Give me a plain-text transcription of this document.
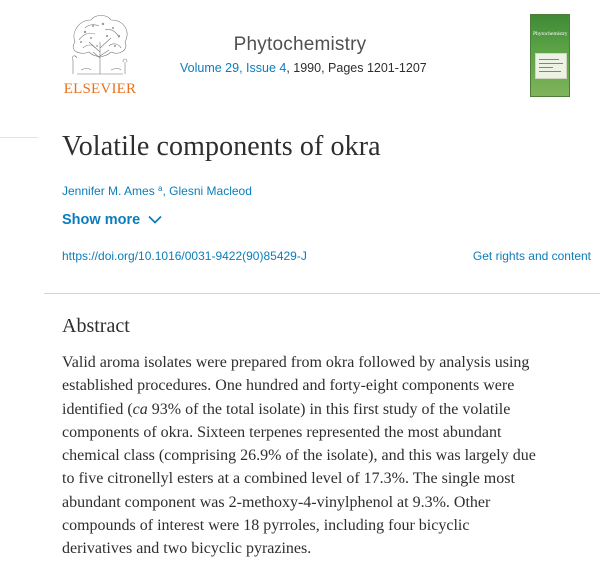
ELSEVIER
Phytochemistry
Volume 29, Issue 4, 1990, Pages 1201-1207
Phytochemistry
Volatile components of okra
Jennifer M. Ames $^a$, Glesni Macleod
Show more
https://doi.org/10.1016/0031-9422(90)85429-J	Get rights and content
Abstract

Valid aroma isolates were prepared from okra followed by analysis using
established procedures. One hundred and forty-eight components were
identified (ca 93% of the total isolate) in this first study of the volatile
components of okra. Sixteen terpenes represented the most abundant
chemical class (comprising 26.9% of the isolate), and this was largely due
to five citronellyl esters at a combined level of 17.3%. The single most
abundant component was 2-methoxy-4-vinylphenol at 9.3%. Other
compounds of interest were 18 pyrroles, including four bicyclic
derivatives and two bicyclic pyrazines.
